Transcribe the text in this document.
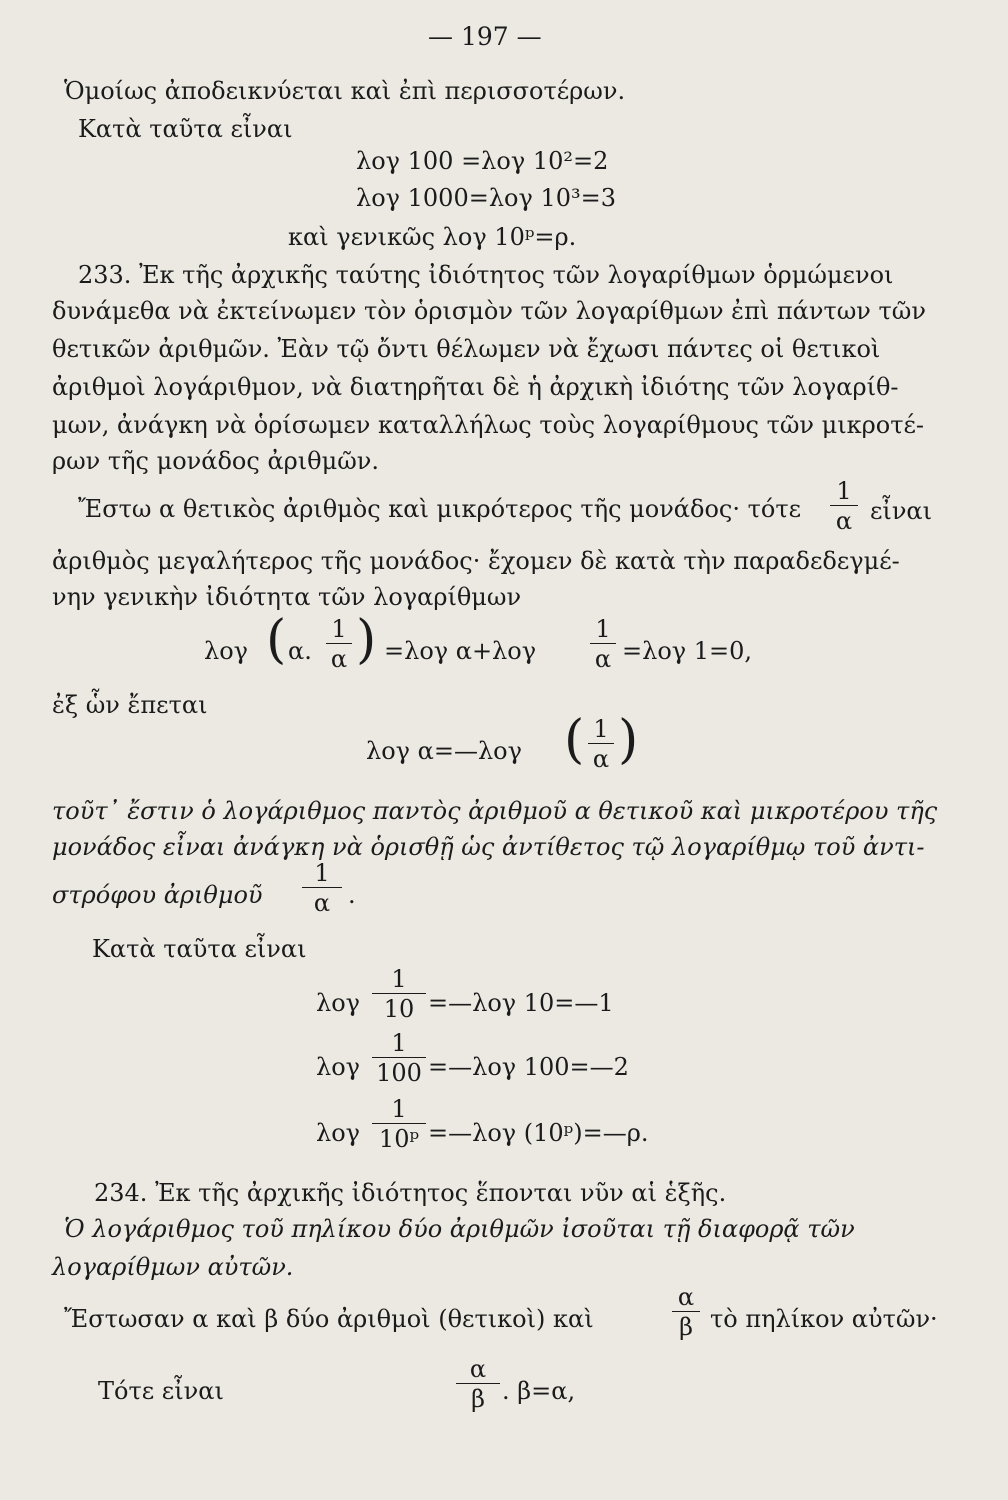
— 197 —
Ὁμοίως ἀποδεικνύεται καὶ ἐπὶ περισσοτέρων.
Κατὰ ταῦτα εἶναι
λογ 100 =λογ 10²=2
λογ 1000=λογ 10³=3
καὶ γενικῶς λογ 10ᵖ=ρ.
233. Ἐκ τῆς ἀρχικῆς ταύτης ἰδιότητος τῶν λογαρίθμων ὁρμώμενοι
δυνάμεθα νὰ ἐκτείνωμεν τὸν ὁρισμὸν τῶν λογαρίθμων ἐπὶ πάντων τῶν
θετικῶν ἀριθμῶν. Ἐὰν τῷ ὄντι θέλωμεν νὰ ἔχωσι πάντες οἱ θετικοὶ
ἀριθμοὶ λογάριθμον, νὰ διατηρῆται δὲ ἡ ἀρχικὴ ἰδιότης τῶν λογαρίθ-
μων, ἀνάγκη νὰ ὁρίσωμεν καταλλήλως τοὺς λογαρίθμους τῶν μικροτέ-
ρων τῆς μονάδος ἀριθμῶν.
Ἔστω α θετικὸς ἀριθμὸς καὶ μικρότερος τῆς μονάδος· τότε
1
α εἶναι
ἀριθμὸς μεγαλήτερος τῆς μονάδος· ἔχομεν δὲ κατὰ τὴν παραδεδεγμέ-
νην γενικὴν ἰδιότητα τῶν λογαρίθμων
λογ ( α.
1
α ) =λογ α+λογ
1
α =λογ 1=0,
ἐξ ὧν ἔπεται
λογ α=—λογ ( 1
α )
τοῦτ᾽ ἔστιν ὁ λογάριθμος παντὸς ἀριθμοῦ α θετικοῦ καὶ μικροτέρου τῆς
μονάδος εἶναι ἀνάγκη νὰ ὁρισθῇ ὡς ἀντίθετος τῷ λογαρίθμῳ τοῦ ἀντι-
στρόφου ἀριθμοῦ
1
α .
Κατὰ ταῦτα εἶναι
λογ
1
10 =—λογ 10=—1
λογ
1
100 =—λογ 100=—2
λογ
1
10ᵖ =—λογ (10ᵖ)=—ρ.
234. Ἐκ τῆς ἀρχικῆς ἰδιότητος ἕπονται νῦν αἱ ἑξῆς.
Ὁ λογάριθμος τοῦ πηλίκου δύο ἀριθμῶν ἰσοῦται τῇ διαφορᾷ τῶν
λογαρίθμων αὐτῶν.
Ἔστωσαν α καὶ β δύο ἀριθμοὶ (θετικοὶ) καὶ
α
β τὸ πηλίκον αὐτῶν·
Τότε εἶναι
α
β . β=α,
